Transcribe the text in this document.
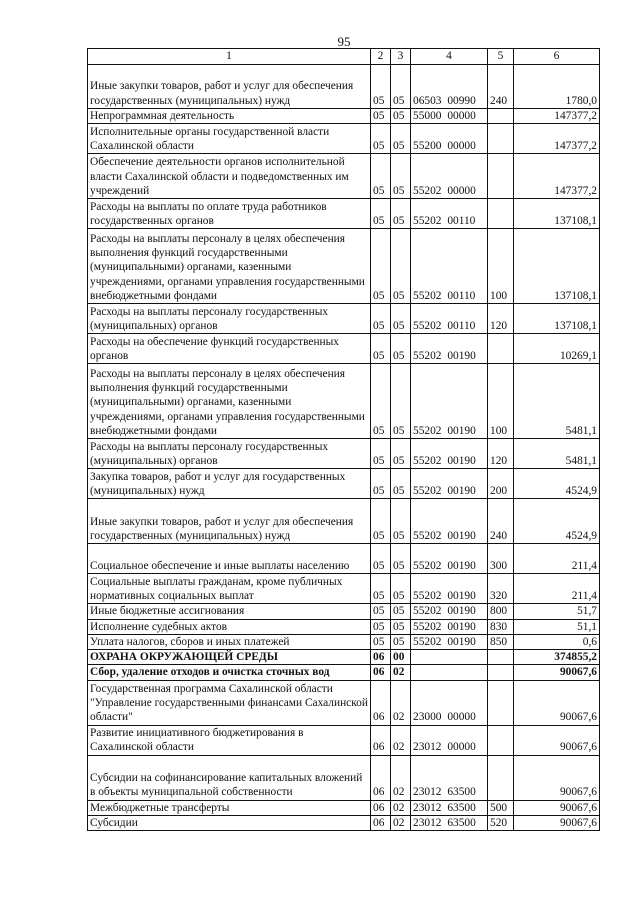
95
1	2	3	4	5	6
Иные закупки товаров, работ и услуг для обеспечения государственных (муниципальных) нужд	05	05	06503 00990	240	1780,0
Непрограммная деятельность	05	05	55000 00000		147377,2
Исполнительные органы государственной власти Сахалинской области	05	05	55200 00000		147377,2
Обеспечение деятельности органов исполнительной власти Сахалинской области и подведомственных им учреждений	05	05	55202 00000		147377,2
Расходы на выплаты по оплате труда работников государственных органов	05	05	55202 00110		137108,1
Расходы на выплаты персоналу в целях обеспечения выполнения функций государственными (муниципальными) органами, казенными учреждениями, органами управления государственными внебюджетными фондами	05	05	55202 00110	100	137108,1
Расходы на выплаты персоналу государственных (муниципальных) органов	05	05	55202 00110	120	137108,1
Расходы на обеспечение функций государственных органов	05	05	55202 00190		10269,1
Расходы на выплаты персоналу в целях обеспечения выполнения функций государственными (муниципальными) органами, казенными учреждениями, органами управления государственными внебюджетными фондами	05	05	55202 00190	100	5481,1
Расходы на выплаты персоналу государственных (муниципальных) органов	05	05	55202 00190	120	5481,1
Закупка товаров, работ и услуг для государственных (муниципальных) нужд	05	05	55202 00190	200	4524,9
Иные закупки товаров, работ и услуг для обеспечения государственных (муниципальных) нужд	05	05	55202 00190	240	4524,9
Социальное обеспечение и иные выплаты населению	05	05	55202 00190	300	211,4
Социальные выплаты гражданам, кроме публичных нормативных социальных выплат	05	05	55202 00190	320	211,4
Иные бюджетные ассигнования	05	05	55202 00190	800	51,7
Исполнение судебных актов	05	05	55202 00190	830	51,1
Уплата налогов, сборов и иных платежей	05	05	55202 00190	850	0,6
ОХРАНА ОКРУЖАЮЩЕЙ СРЕДЫ	06	00			374855,2
Сбор, удаление отходов и очистка сточных вод	06	02			90067,6
Государственная программа Сахалинской области "Управление государственными финансами Сахалинской области"	06	02	23000 00000		90067,6
Развитие инициативного бюджетирования в Сахалинской области	06	02	23012 00000		90067,6
Субсидии на софинансирование капитальных вложений в объекты муниципальной собственности	06	02	23012 63500		90067,6
Межбюджетные трансферты	06	02	23012 63500	500	90067,6
Субсидии	06	02	23012 63500	520	90067,6
